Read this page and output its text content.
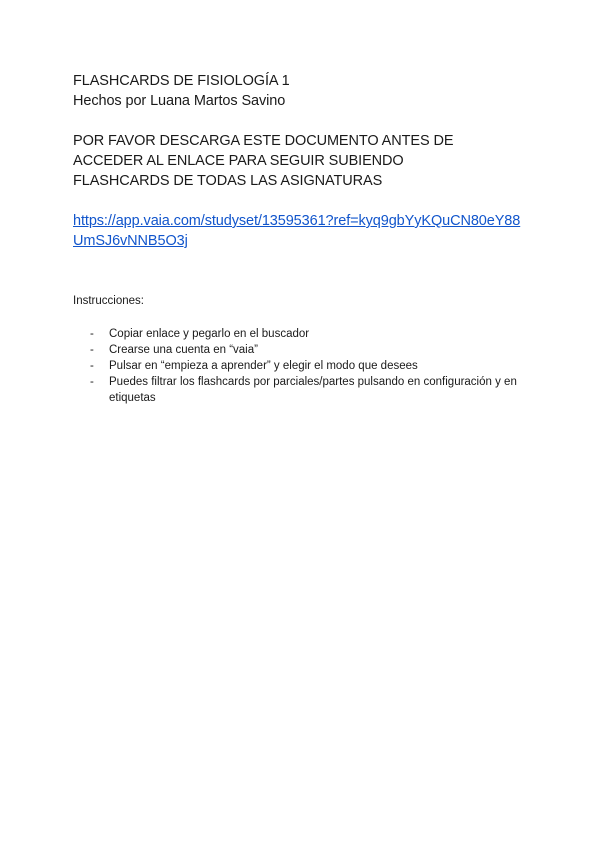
FLASHCARDS DE FISIOLOGÍA 1
Hechos por Luana Martos Savino
POR FAVOR DESCARGA ESTE DOCUMENTO ANTES DE
ACCEDER AL ENLACE PARA SEGUIR SUBIENDO
FLASHCARDS DE TODAS LAS ASIGNATURAS
https://app.vaia.com/studyset/13595361?ref=kyq9gbYyKQuCN80eY88UmSJ6vNNB5O3j
Instrucciones:
- Copiar enlace y pegarlo en el buscador
- Crearse una cuenta en “vaia”
- Pulsar en “empieza a aprender” y elegir el modo que desees
- Puedes filtrar los flashcards por parciales/partes pulsando en configuración y en etiquetas
